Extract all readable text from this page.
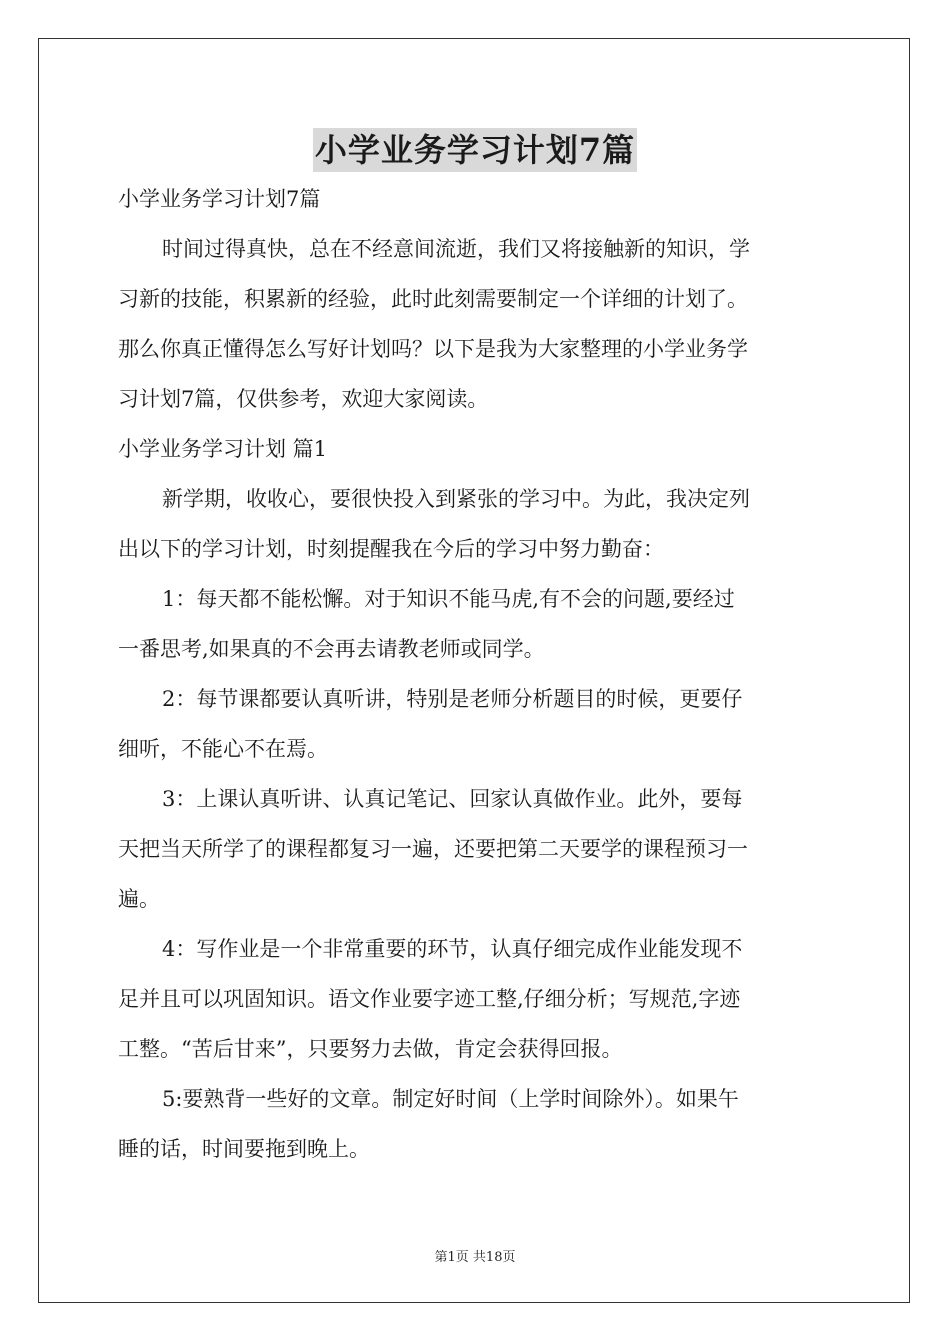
小学业务学习计划7篇

小学业务学习计划7篇

时间过得真快，总在不经意间流逝，我们又将接触新的知识，学

习新的技能，积累新的经验，此时此刻需要制定一个详细的计划了。

那么你真正懂得怎么写好计划吗？以下是我为大家整理的小学业务学

习计划7篇，仅供参考，欢迎大家阅读。

小学业务学习计划 篇1

新学期，收收心，要很快投入到紧张的学习中。为此，我决定列

出以下的学习计划，时刻提醒我在今后的学习中努力勤奋：

1：每天都不能松懈。对于知识不能马虎,有不会的问题,要经过

一番思考,如果真的不会再去请教老师或同学。

2：每节课都要认真听讲，特别是老师分析题目的时候，更要仔

细听，不能心不在焉。

3：上课认真听讲、认真记笔记、回家认真做作业。此外，要每

天把当天所学了的课程都复习一遍，还要把第二天要学的课程预习一

遍。

4：写作业是一个非常重要的环节，认真仔细完成作业能发现不

足并且可以巩固知识。语文作业要字迹工整,仔细分析；写规范,字迹

工整。“苦后甘来”，只要努力去做，肯定会获得回报。

5:要熟背一些好的文章。制定好时间（上学时间除外）。如果午

睡的话，时间要拖到晚上。

第1页 共18页
